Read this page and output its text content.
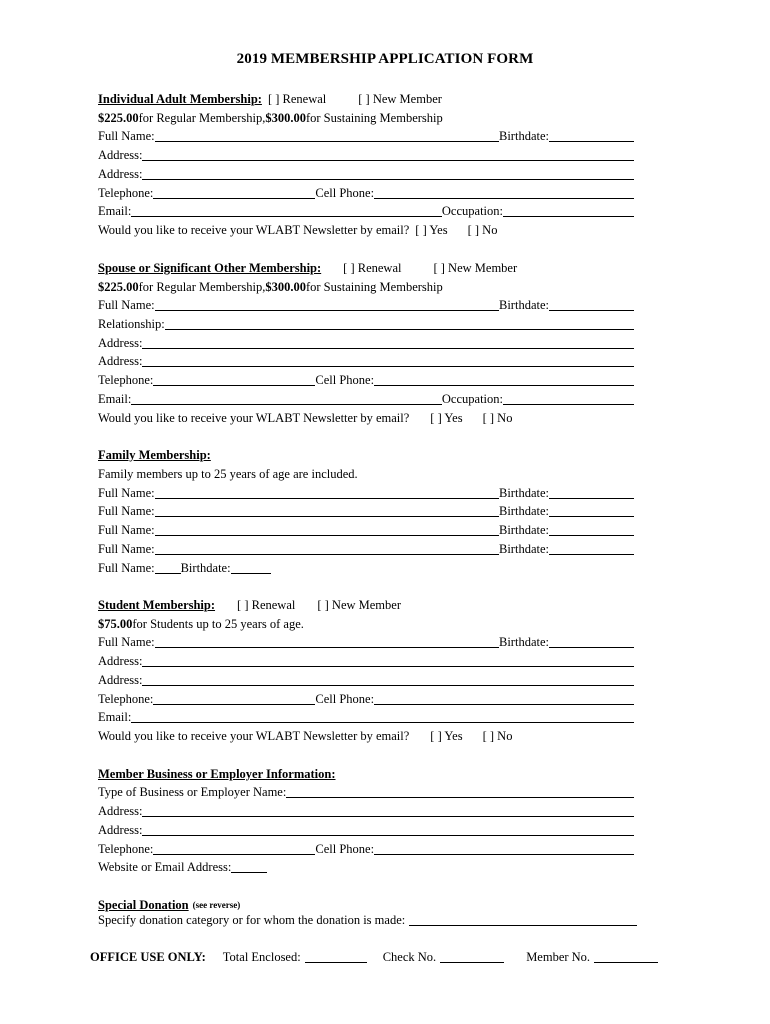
2019 MEMBERSHIP APPLICATION FORM
Individual Adult Membership: [ ] Renewal	[ ] New Member
$225.00 for Regular Membership, $300.00 for Sustaining Membership
Full Name:	Birthdate:
Address:
Address:
Telephone:	Cell Phone:
Email:	Occupation:
Would you like to receive your WLABT Newsletter by email? [ ] Yes [ ] No
Spouse or Significant Other Membership: [ ] Renewal	[ ] New Member
$225.00 for Regular Membership, $300.00 for Sustaining Membership
Full Name:	Birthdate:
Relationship:
Address:
Address:
Telephone:	Cell Phone:
Email:	Occupation:
Would you like to receive your WLABT Newsletter by email? [ ] Yes [ ] No
Family Membership:
Family members up to 25 years of age are included.
Full Name:	Birthdate:
Full Name:	Birthdate:
Full Name:	Birthdate:
Full Name:	Birthdate:
Full Name: Birthdate:
Student Membership: [ ] Renewal [ ] New Member
$75.00 for Students up to 25 years of age.
Full Name:	Birthdate:
Address:
Address:
Telephone:	Cell Phone:
Email:
Would you like to receive your WLABT Newsletter by email? [ ] Yes [ ] No
Member Business or Employer Information:
Type of Business or Employer Name:
Address:
Address:
Telephone:	Cell Phone:
Website or Email Address:
Special Donation (see reverse)
Specify donation category or for whom the donation is made:
OFFICE USE ONLY: Total Enclosed:	Check No.	Member No.
